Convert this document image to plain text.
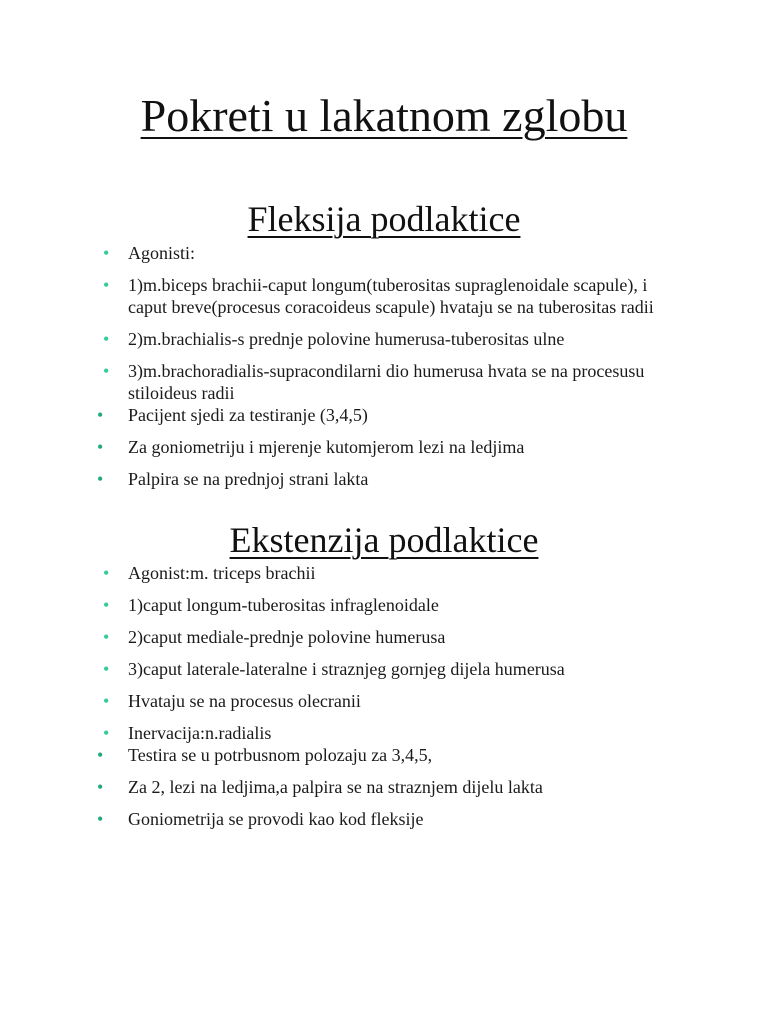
Pokreti u lakatnom zglobu
Fleksija podlaktice
• Agonisti:
• 1)m.biceps brachii-caput longum(tuberositas supraglenoidale scapule), i caput breve(procesus coracoideus scapule) hvataju se na tuberositas radii
• 2)m.brachialis-s prednje polovine humerusa-tuberositas ulne
• 3)m.brachoradialis-supracondilarni dio humerusa hvata se na procesusu stiloideus radii
• Pacijent sjedi za testiranje (3,4,5)
• Za goniometriju i mjerenje kutomjerom lezi na ledjima
• Palpira se na prednjoj strani lakta
Ekstenzija podlaktice
• Agonist:m. triceps brachii
• 1)caput longum-tuberositas infraglenoidale
• 2)caput mediale-prednje polovine humerusa
• 3)caput laterale-lateralne i straznjeg gornjeg dijela humerusa
• Hvataju se na procesus olecranii
• Inervacija:n.radialis
• Testira se u potrbusnom polozaju za 3,4,5,
• Za 2, lezi na ledjima,a palpira se na straznjem dijelu lakta
• Goniometrija se provodi kao kod fleksije
